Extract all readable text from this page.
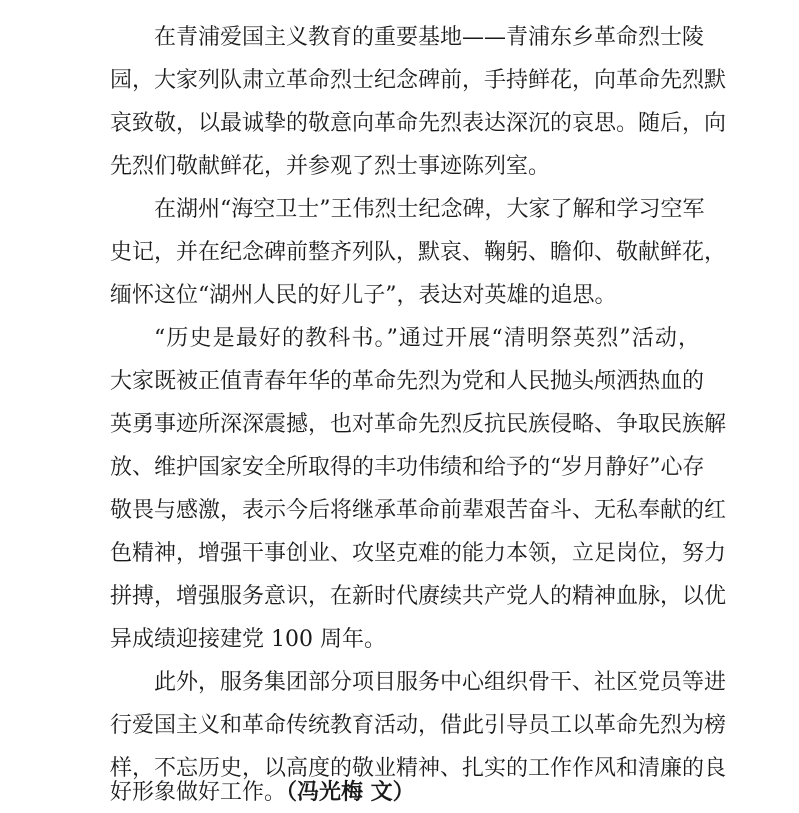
在青浦爱国主义教育的重要基地——青浦东乡革命烈士陵
园，大家列队肃立革命烈士纪念碑前，手持鲜花，向革命先烈默
哀致敬，以最诚挚的敬意向革命先烈表达深沉的哀思。随后，向
先烈们敬献鲜花，并参观了烈士事迹陈列室。
在湖州“海空卫士”王伟烈士纪念碑，大家了解和学习空军
史记，并在纪念碑前整齐列队，默哀、鞠躬、瞻仰、敬献鲜花，
缅怀这位“湖州人民的好儿子”，表达对英雄的追思。
“历史是最好的教科书。”通过开展“清明祭英烈”活动，
大家既被正值青春年华的革命先烈为党和人民抛头颅洒热血的
英勇事迹所深深震撼，也对革命先烈反抗民族侵略、争取民族解
放、维护国家安全所取得的丰功伟绩和给予的“岁月静好”心存
敬畏与感激，表示今后将继承革命前辈艰苦奋斗、无私奉献的红
色精神，增强干事创业、攻坚克难的能力本领，立足岗位，努力
拼搏，增强服务意识，在新时代赓续共产党人的精神血脉，以优
异成绩迎接建党 100 周年。
此外，服务集团部分项目服务中心组织骨干、社区党员等进
行爱国主义和革命传统教育活动，借此引导员工以革命先烈为榜
样，不忘历史，以高度的敬业精神、扎实的工作作风和清廉的良
好形象做好工作。（冯光梅 文）
